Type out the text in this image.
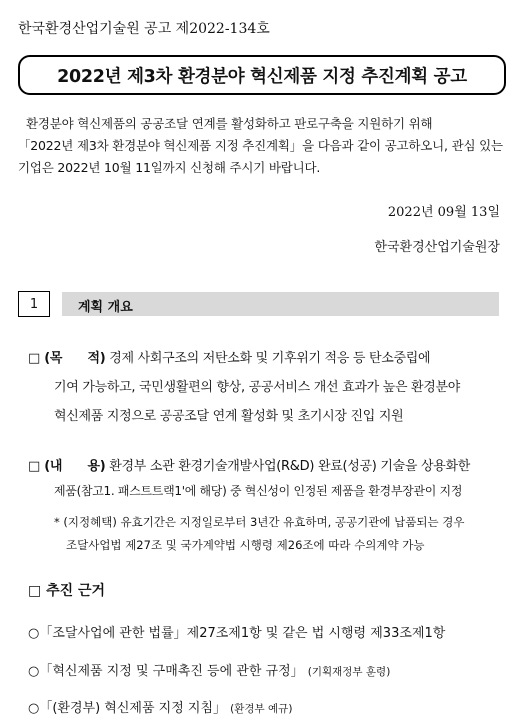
한국환경산업기술원 공고 제2022-134호
2022년 제3차 환경분야 혁신제품 지정 추진계획 공고
환경분야 혁신제품의 공공조달 연계를 활성화하고 판로구축을 지원하기 위해
「2022년 제3차 환경분야 혁신제품 지정 추진계획」을 다음과 같이 공고하오니, 관심 있는
기업은 2022년 10월 11일까지 신청해 주시기 바랍니다.
2022년 09월 13일
한국환경산업기술원장
1	계획 개요
□ (목　　적) 경제 사회구조의 저탄소화 및 기후위기 적응 등 탄소중립에
기여 가능하고, 국민생활편의 향상, 공공서비스 개선 효과가 높은 환경분야
혁신제품 지정으로 공공조달 연계 활성화 및 초기시장 진입 지원
□ (내　　용) 환경부 소관 환경기술개발사업(R&D) 완료(성공) 기술을 상용화한
제품(참고1. 패스트트랙1'에 해당) 중 혁신성이 인정된 제품을 환경부장관이 지정
* (지정혜택) 유효기간은 지정일로부터 3년간 유효하며, 공공기관에 납품되는 경우
조달사업법 제27조 및 국가계약법 시행령 제26조에 따라 수의계약 가능
□ 추진 근거
○「조달사업에 관한 법률」제27조제1항 및 같은 법 시행령 제33조제1항
○「혁신제품 지정 및 구매촉진 등에 관한 규정」 (기획재정부 훈령)
○「(환경부) 혁신제품 지정 지침」 (환경부 예규)
